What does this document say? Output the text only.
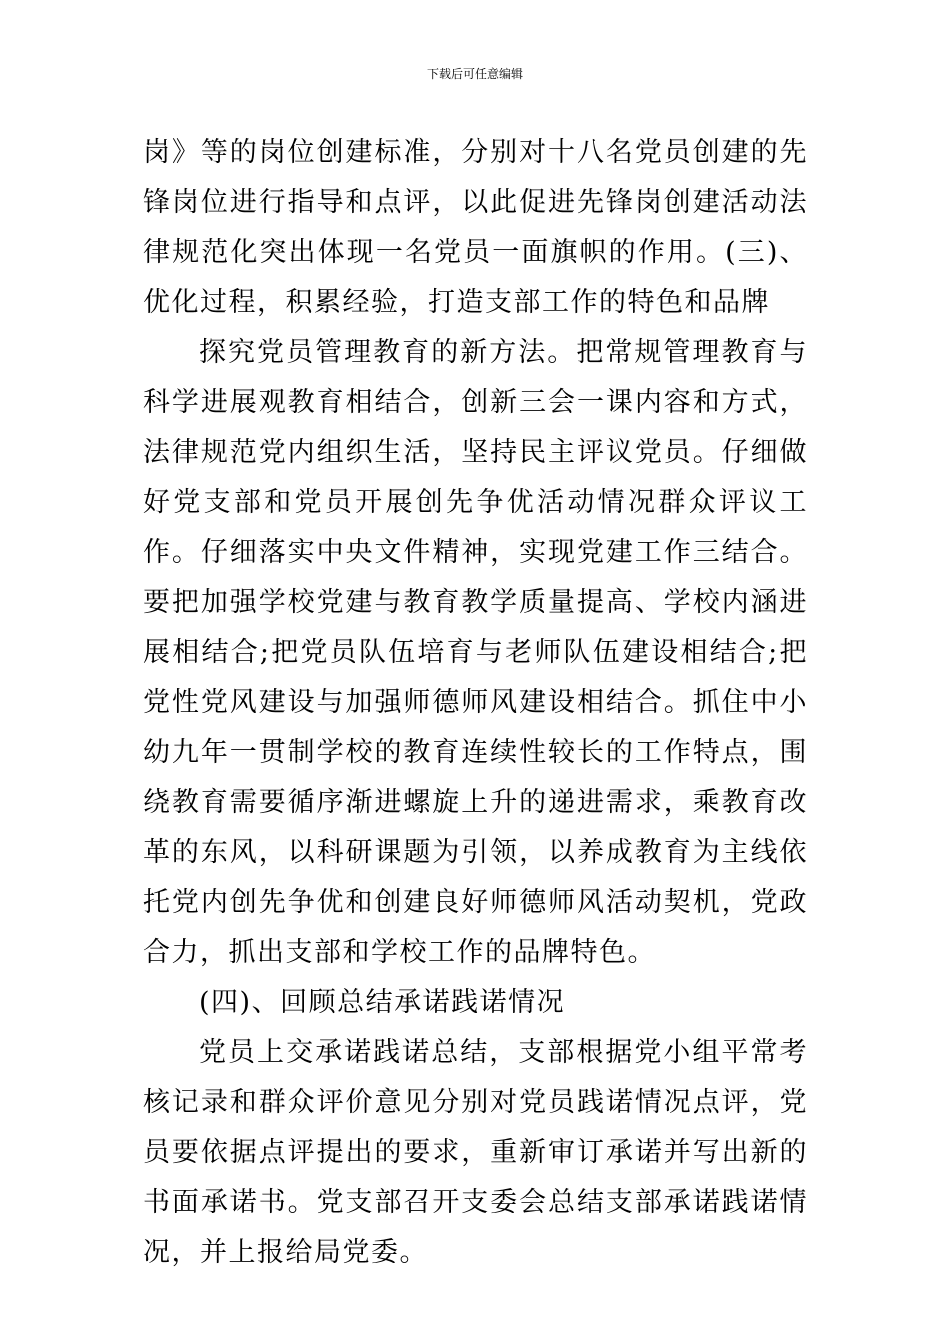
下载后可任意编辑

岗》等的岗位创建标准，分别对十八名党员创建的先锋岗位进行指导和点评，以此促进先锋岗创建活动法律规范化突出体现一名党员一面旗帜的作用。(三)、优化过程，积累经验，打造支部工作的特色和品牌

探究党员管理教育的新方法。把常规管理教育与科学进展观教育相结合，创新三会一课内容和方式，法律规范党内组织生活，坚持民主评议党员。仔细做好党支部和党员开展创先争优活动情况群众评议工作。仔细落实中央文件精神，实现党建工作三结合。要把加强学校党建与教育教学质量提高、学校内涵进展相结合;把党员队伍培育与老师队伍建设相结合;把党性党风建设与加强师德师风建设相结合。抓住中小幼九年一贯制学校的教育连续性较长的工作特点，围绕教育需要循序渐进螺旋上升的递进需求，乘教育改革的东风，以科研课题为引领，以养成教育为主线依托党内创先争优和创建良好师德师风活动契机，党政合力，抓出支部和学校工作的品牌特色。

(四)、回顾总结承诺践诺情况

党员上交承诺践诺总结，支部根据党小组平常考核记录和群众评价意见分别对党员践诺情况点评，党员要依据点评提出的要求，重新审订承诺并写出新的书面承诺书。党支部召开支委会总结支部承诺践诺情况，并上报给局党委。
